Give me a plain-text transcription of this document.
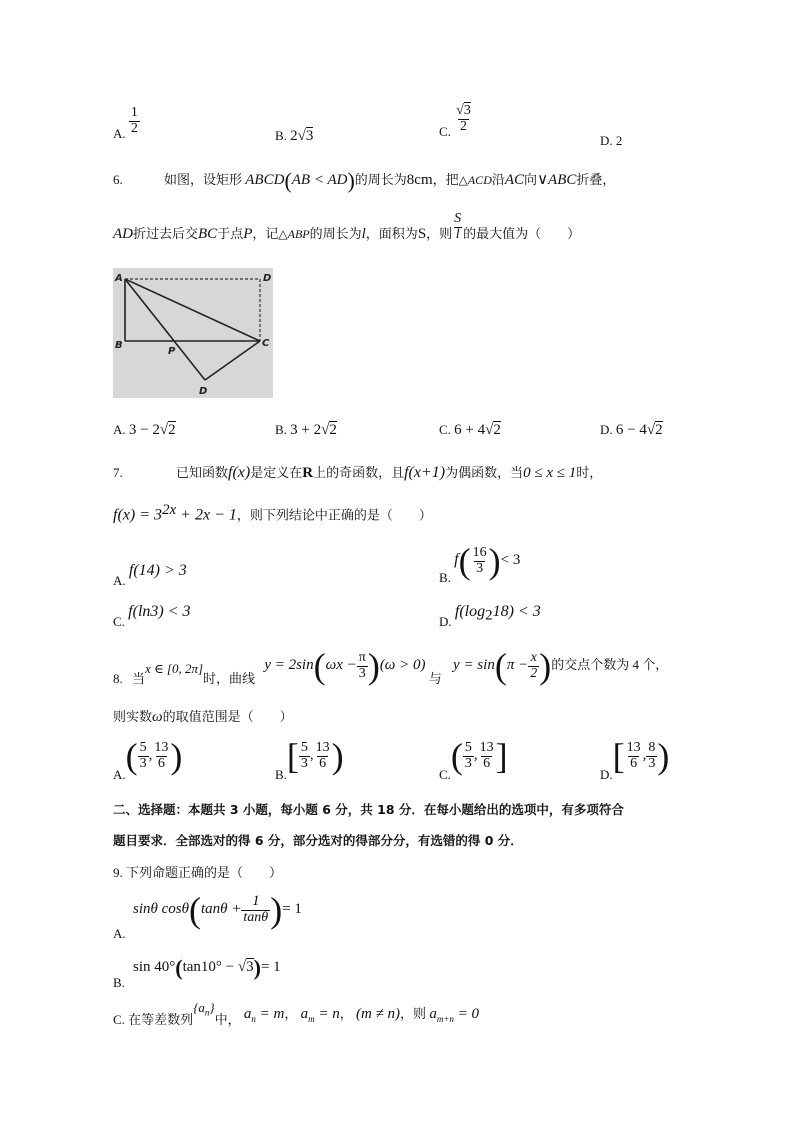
A. $\frac{1}{2}$	B. 2√3	C. $\frac{√3}{2}$
D. 2
6.	如图，设矩形 ABCD(AB < AD)的周长为8cm，把△ACD沿AC向∨ABC折叠，
AD折过去后交BC于点P，记△ABP的周长为l，面积为S，则 $\frac{S}{l}$ 的最大值为（　　）
A	D
B	C
P
D
A. 3 − 2√2	B. 3 + 2√2	C. 6 + 4√2	D. 6 − 4√2
7.	已知函数f(x)是定义在R上的奇函数，且f(x+1)为偶函数，当0 ≤ x ≤ 1时，
$f(x) = 3^{2x} + 2x - 1$，则下列结论中正确的是（　　）
A. f(14) > 3	B. $f( \frac{16}{3}$ )< 3
C. f(ln3) < 3
D. $f(\log_218) < 3$
8. 当x ∈ [0, 2π]时，曲线 $y = 2\sin(\omega x - \frac{\pi}{3} )(\omega > 0)$ 与 $y = \sin(\pi - \frac{x}{2}$ )的交点个数为 4 个，
则实数ω的取值范围是（　　）
$A.( \frac{5}{3}$ , $\frac{13}{6}$ )	$B.[ \frac{5}{3}$ , $\frac{13}{6}$ )	$C.( \frac{5}{3}$ , $\frac{13}{6}$ ]	$D.[ \frac{13}{6}$ , $\frac{8}{3}$ )
二、选择题：本题共 3 小题，每小题 6 分，共 18 分．在每小题给出的选项中，有多项符合
题目要求．全部选对的得 6 分，部分选对的得部分分，有选错的得 0 分．
9. 下列命题正确的是（　　）
A.
sinθ $\cos\theta(\tan\theta + \frac{1}{\tan\theta}$ )= 1
B.
sin 40°(tan10° − √3)= 1
C. 在等差数列$\{a_n\}$中， $a_n = m$， $a_m = n$， (m ≠ n)，则 $a_{m+n} = 0$
